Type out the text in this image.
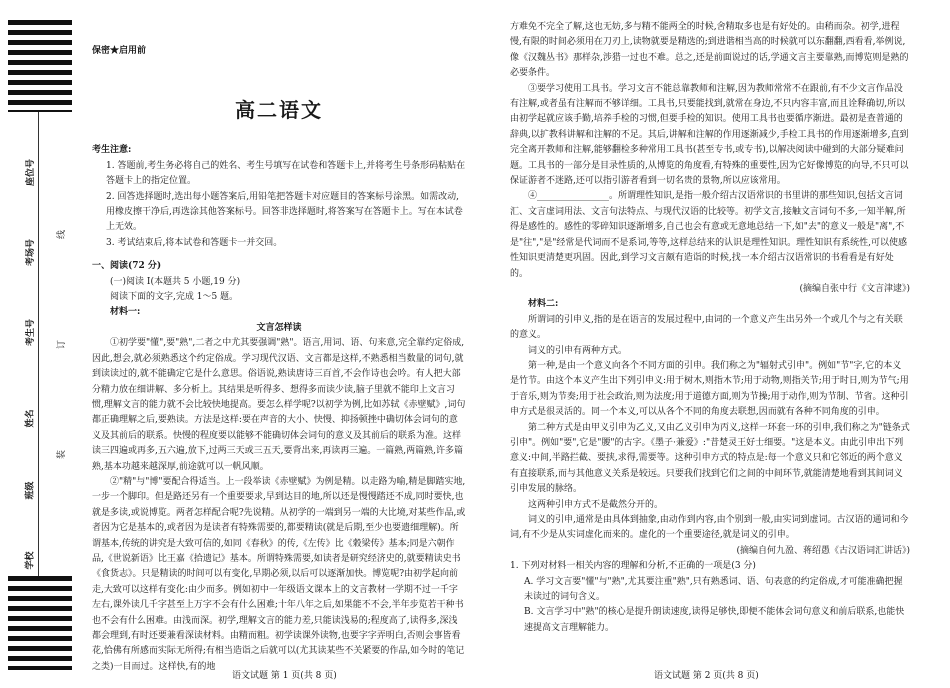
座位号
考场号
考生号
姓名
班级
学校
线
订
装
保密★启用前
高二语文

考生注意:

1. 答题前,考生务必将自己的姓名、考生号填写在试卷和答题卡上,并将考生号条形码粘贴在答题卡上的指定位置。

2. 回答选择题时,选出每小题答案后,用铅笔把答题卡对应题目的答案标号涂黑。如需改动,用橡皮擦干净后,再选涂其他答案标号。回答非选择题时,将答案写在答题卡上。写在本试卷上无效。

3. 考试结束后,将本试卷和答题卡一并交回。

一、阅读(72 分)

(一)阅读 I(本题共 5 小题,19 分)

阅读下面的文字,完成 1～5 题。

材料一:

文言怎样读

①初学要"懂",要"熟",二者之中尤其要强调"熟"。语言,用词、语、句来意,完全靠约定俗成,因此,想会,就必须熟悉这个约定俗成。学习现代汉语、文言都是这样,不熟悉相当数量的词句,就到读读过的,就不能确定它是什么意思。俗语说,熟读唐诗三百首,不会作诗也会吟。有人把大部分精力放在细讲解、多分析上。其结果是听得多、想得多而读少读,脑子里就不能印上文言习惯,理解文言的能力就不会比较快地提高。要怎么样学呢?以初学为例,比如苏轼《赤壁赋》,词句都正确理解之后,要熟读。方法是这样:要在声音的大小、快慢、抑扬顿挫中确切体会词句的意义及其前后的联系。快慢的程度要以能够不能确切体会词句的意义及其前后的联系为准。这样读三四遍或再多,五六遍,放下,过两三天或三五天,要背出来,再读再三遍。一篇熟,两篇熟,许多篇熟,基本功越来越深厚,前途就可以一帆风顺。

②"精"与"博"要配合得适当。上一段举读《赤壁赋》为例是精。以走路为喻,精是脚踏实地,一步一个脚印。但是路还另有一个重要要求,早到达目的地,所以还是慢慢踏还不成,同时要快,也就是多读,或说博览。两者怎样配合呢?先说精。从初学的一端到另一端的大比境,对某些作品,或者因为它是基本的,或者因为是读者有特殊需要的,都要精读(就是后期,至少也要遗细理解)。所谓基本,传统的讲究是大致可信的,如同《春秋》的传,《左传》比《穀梁传》基本;同是六朝作品,《世说新语》比王嘉《拾遗记》基本。所谓特殊需要,如读者是研究经济史的,就要精读史书《食货志》。只是精读的时间可以有变化,早期必须,以后可以逐渐加快。博览呢?由初学起向前走,大致可以这样有变化:由少而多。例如初中一年级语文课本上的文言教材一学期不过一千字左右,课外读几千字甚至上万字不会有什么困难;十年八年之后,如果能不不会,半年步览若干种书也不会有什么困难。由浅而深。初学,理解文言的能力差,只能读浅易的;程度高了,读得多,深浅都会理到,有时还要兼看深读材料。由精而粗。初学读课外读物,也要字字弄明白,否则会事皆看花,恰佛有所感而实际无所得;有相当造诣之后就可以(尤其读某些不关紧要的作品,如今时的笔记之类)一目而过。这样快,有的地

方难免不完全了解,这也无妨,多与精不能两全的时候,舍精取多也是有好处的。由稍而杂。初学,进程慢,有限的时间必须用在刀刃上,读物就要是精选的;到进谐相当高的时候就可以东翻翻,西看看,举例说,像《汉魏丛书》那样杂,涉猎一过也不难。总之,还是前面说过的话,学通文言主要靠熟,而博览则是熟的必要条件。

③要学习使用工具书。学习文言不能总靠教师和注解,因为教师常常不在跟前,有不少文言作品没有注解,或者虽有注解而不够详细。工具书,只要能找到,就常在身边,不只内容丰富,而且诠释确切,所以由初学起就应该手勤,培养手检的习惯,但要手检的知识。使用工具书也要循序渐进。最初是查普通的辞典,以扩教科讲解和注解的不足。其后,讲解和注解的作用逐渐减少,手检工具书的作用逐渐增多,直到完全离开教师和注解,能够翻检多种常用工具书(甚至专书,或专书),以解决阅读中碰到的大部分疑难问题。工具书的一部分是目录性质的,从博览的角度看,有特殊的重要性,因为它好像博览的向导,不只可以保证游者不迷路,还可以指引游者看到一切名贵的景物,所以应该常用。

④________________。所谓理性知识,是指一般介绍古汉语常识的书里讲的那些知识,包括文言词汇、文言虚词用法、文言句法特点、与现代汉语的比较等。初学文言,接触文言词句不多,一知半解,所得是感性的。感性的零碎知识逐渐增多,自己也会有意或无意地总结一下,如"去"的意义一般是"离",不是"往","是"经常是代词而不是系词,等等,这样总结来的认识是理性知识。理性知识有系统性,可以使感性知识更清楚更巩固。因此,到学习文言颇有造诣的时候,找一本介绍古汉语常识的书看看是有好处的。

(摘编自张中行《文言津逮》)

材料二:

所谓词的引申义,指的是在语言的发展过程中,由词的一个意义产生出另外一个或几个与之有关联的意义。

词义的引申有两种方式。

第一种,是由一个意义向各个不同方面的引申。我们称之为"辐射式引申"。例如"节"字,它的本义是竹节。由这个本义产生出下列引申义:用于树木,则指木节;用于动物,则指关节;用于时日,则为节气;用于音乐,则为节奏;用于社会政治,则为法度;用于道德方面,则为节操;用于动作,则为节制、节省。这种引申方式是很灵活的。同一个本义,可以从各个不同的角度去联想,因而就有各种不同角度的引申。

第二种方式是由甲义引申为乙义,又由乙义引申为丙义,这样一环套一环的引申,我们称之为"链条式引申"。例如"要",它是"腰"的古字。《墨子·兼爱》:"昔楚灵王好士细要。"这是本义。由此引申出下列意义:中间,半路拦截、要挟,求得,需要等。这种引申方式的特点是:每一个意义只和它邻近的两个意义有直接联系,而与其他意义关系是较远。只要我们找到它们之间的中间环节,就能清楚地看到其间词义引申发展的脉络。

这两种引申方式不是截然分开的。

词义的引申,通常是由具体到抽象,由动作到内容,由个别到一般,由实词到虚词。古汉语的通词和今词,有不少是从实词虚化而来的。虚化的一个重要途径,就是词义的引申。

(摘编自何九盈、蒋绍愚《古汉语词汇讲话》)

1. 下列对材料一相关内容的理解和分析,不正确的一项是(3 分)

A. 学习文言要"懂"与"熟",尤其要注重"熟",只有熟悉词、语、句表意的约定俗成,才可能准确把握未读过的词句含义。

B. 文言学习中"熟"的核心是提升朗读速度,读得足够快,即便不能体会词句意义和前后联系,也能快速提高文言理解能力。

语文试题 第 1 页(共 8 页)	语文试题 第 2 页(共 8 页)
